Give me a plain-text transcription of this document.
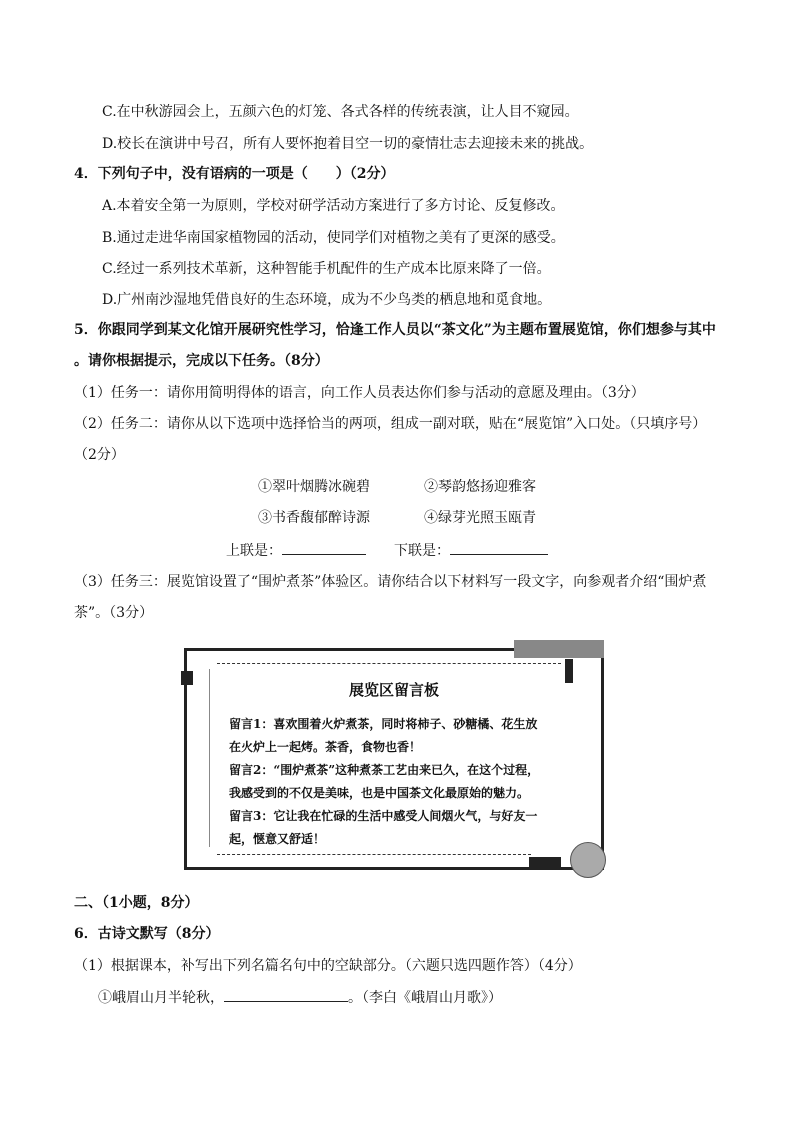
C.在中秋游园会上，五颜六色的灯笼、各式各样的传统表演，让人目不窥园。
D.校长在演讲中号召，所有人要怀抱着目空一切的豪情壮志去迎接未来的挑战。
4．下列句子中，没有语病的一项是（　　）（2分）
A.本着安全第一为原则，学校对研学活动方案进行了多方讨论、反复修改。
B.通过走进华南国家植物园的活动，使同学们对植物之美有了更深的感受。
C.经过一系列技术革新，这种智能手机配件的生产成本比原来降了一倍。
D.广州南沙湿地凭借良好的生态环境，成为不少鸟类的栖息地和觅食地。
5．你跟同学到某文化馆开展研究性学习，恰逢工作人员以“茶文化”为主题布置展览馆，你们想参与其中
。请你根据提示，完成以下任务。（8分）
（1）任务一：请你用简明得体的语言，向工作人员表达你们参与活动的意愿及理由。（3分）
（2）任务二：请你从以下选项中选择恰当的两项，组成一副对联，贴在“展览馆”入口处。（只填序号）
（2分）
①翠叶烟腾冰碗碧	②琴韵悠扬迎雅客
③书香馥郁醉诗源	④绿芽光照玉瓯青
上联是：	下联是：
（3）任务三：展览馆设置了“围炉煮茶”体验区。请你结合以下材料写一段文字，向参观者介绍“围炉煮
茶”。（3分）
展览区留言板
留言1：喜欢围着火炉煮茶，同时将柿子、砂糖橘、花生放
在火炉上一起烤。茶香，食物也香！
留言2：“围炉煮茶”这种煮茶工艺由来已久，在这个过程，
我感受到的不仅是美味，也是中国茶文化最原始的魅力。
留言3：它让我在忙碌的生活中感受人间烟火气，与好友一
起，惬意又舒适！
二、（1小题，8分）
6．古诗文默写（8分）
（1）根据课本，补写出下列名篇名句中的空缺部分。（六题只选四题作答）（4分）
①峨眉山月半轮秋，	。（李白《峨眉山月歌》）
